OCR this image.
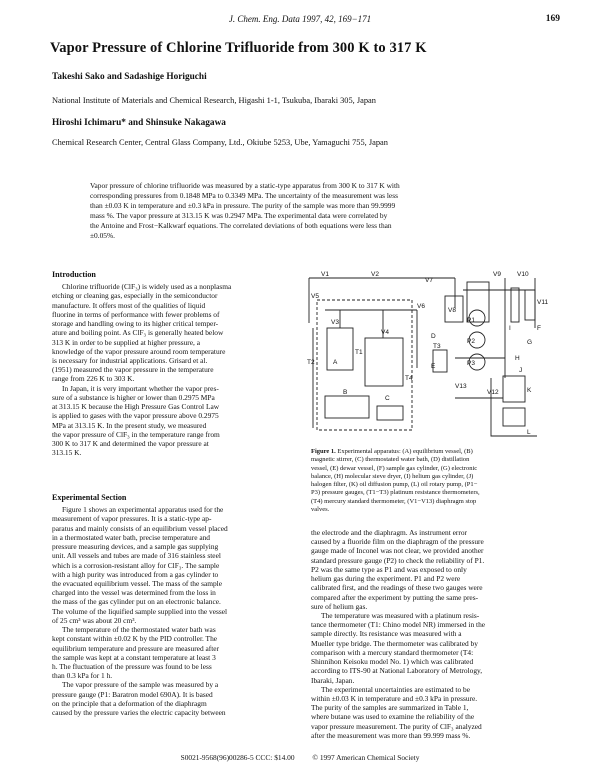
J. Chem. Eng. Data 1997, 42, 169−171	169
Vapor Pressure of Chlorine Trifluoride from 300 K to 317 K
Takeshi Sako and Sadashige Horiguchi
National Institute of Materials and Chemical Research, Higashi 1-1, Tsukuba, Ibaraki 305, Japan
Hiroshi Ichimaru* and Shinsuke Nakagawa
Chemical Research Center, Central Glass Company, Ltd., Okiube 5253, Ube, Yamaguchi 755, Japan
Vapor pressure of chlorine trifluoride was measured by a static-type apparatus from 300 K to 317 K with
corresponding pressures from 0.1848 MPa to 0.3349 MPa. The uncertainty of the measurement was less
than ±0.03 K in temperature and ±0.3 kPa in pressure. The purity of the sample was more than 99.9999
mass %. The vapor pressure at 313.15 K was 0.2947 MPa. The experimental data were correlated by
the Antoine and Frost−Kalkwarf equations. The correlated deviations of both equations were less than
±0.05%.
Introduction

Chlorine trifluoride (ClF₃) is widely used as a nonplasma
etching or cleaning gas, especially in the semiconductor
manufacture. It offers most of the qualities of liquid
fluorine in terms of performance with fewer problems of
storage and handling owing to its higher critical temper-
ature and boiling point. As ClF₃ is generally heated below
313 K in order to be supplied at higher pressure, a
knowledge of the vapor pressure around room temperature
is necessary for industrial applications. Grisard et al.
(1951) measured the vapor pressure in the temperature
range from 226 K to 303 K.

In Japan, it is very important whether the vapor pres-
sure of a substance is higher or lower than 0.2975 MPa
at 313.15 K because the High Pressure Gas Control Law
is applied to gases with the vapor pressure above 0.2975
MPa at 313.15 K. In the present study, we measured
the vapor pressure of ClF₃ in the temperature range from
300 K to 317 K and determined the vapor pressure at
313.15 K.

Experimental Section

Figure 1 shows an experimental apparatus used for the
measurement of vapor pressures. It is a static-type ap-
paratus and mainly consists of an equilibrium vessel placed
in a thermostated water bath, precise temperature and
pressure measuring devices, and a sample gas supplying
unit. All vessels and tubes are made of 316 stainless steel
which is a corrosion-resistant alloy for ClF₃. The sample
with a high purity was introduced from a gas cylinder to
the evacuated equilibrium vessel. The mass of the sample
charged into the vessel was determined from the loss in
the mass of the gas cylinder put on an electronic balance.
The volume of the liquified sample supplied into the vessel
of 25 cm³ was about 20 cm³.

The temperature of the thermostated water bath was
kept constant within ±0.02 K by the PID controller. The
equilibrium temperature and pressure are measured after
the sample was kept at a constant temperature at least 3
h. The fluctuation of the pressure was found to be less
than 0.3 kPa for 1 h.

The vapor pressure of the sample was measured by a
pressure gauge (P1: Baratron model 690A). It is based
on the principle that a deformation of the diaphragm
caused by the pressure varies the electric capacity between

V1	V2
V3
V4
V5
V6
V7
V8
V9 V10
V11
V12
V13
P1
P2
P3
T1
T2
T3
T4
A
B
C
D
E
F
G
H
I
J
K
L
Figure 1. Experimental apparatus: (A) equilibrium vessel, (B)
magnetic stirrer, (C) thermostated water bath, (D) distillation
vessel, (E) dewar vessel, (F) sample gas cylinder, (G) electronic
balance, (H) molecular sieve dryer, (I) helium gas cylinder, (J)
halogen filter, (K) oil diffusion pump, (L) oil rotary pump, (P1−
P3) pressure gauges, (T1−T3) platinum resistance thermometers,
(T4) mercury standard thermometer, (V1−V13) diaphragm stop
valves.

the electrode and the diaphragm. As instrument error
caused by a fluoride film on the diaphragm of the pressure
gauge made of Inconel was not clear, we provided another
standard pressure gauge (P2) to check the reliability of P1.
P2 was the same type as P1 and was exposed to only
helium gas during the experiment. P1 and P2 were
calibrated first, and the readings of these two gauges were
compared after the experiment by putting the same pres-
sure of helium gas.

The temperature was measured with a platinum resis-
tance thermometer (T1: Chino model NR) immersed in the
sample directly. Its resistance was measured with a
Mueller type bridge. The thermometer was calibrated by
comparison with a mercury standard thermometer (T4:
Shinnihon Keisoku model No. 1) which was calibrated
according to ITS-90 at National Laboratory of Metrology,
Ibaraki, Japan.

The experimental uncertainties are estimated to be
within ±0.03 K in temperature and ±0.3 kPa in pressure.
The purity of the samples are summarized in Table 1,
where butane was used to examine the reliability of the
vapor pressure measurement. The purity of ClF₃ analyzed
after the measurement was more than 99.999 mass %.

S0021-9568(96)00286-5 CCC: $14.00 © 1997 American Chemical Society
